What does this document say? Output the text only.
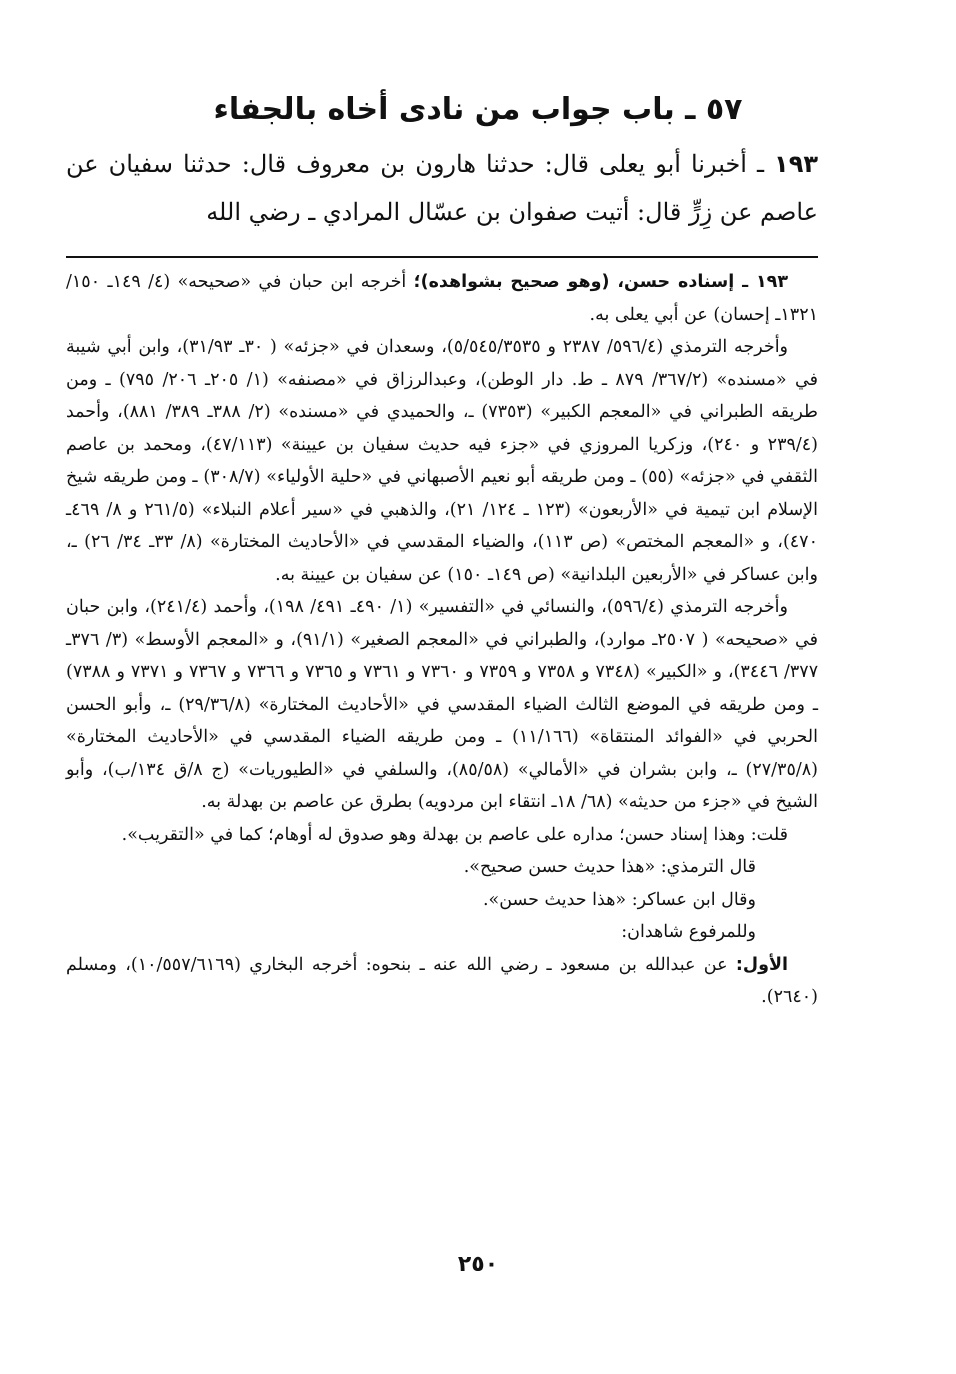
٥٧ ـ باب جواب من نادى أخاه بالجفاء
١٩٣ ـ أخبرنا أبو يعلى قال: حدثنا هارون بن معروف قال: حدثنا سفيان عن عاصم عن زِرٍّ قال: أتيت صفوان بن عسّال المرادي ـ رضي الله

١٩٣ ـ إسناده حسن، (وهو صحيح بشواهده)؛ أخرجه ابن حبان في «صحيحه» (٤/ ١٤٩ـ ١٥٠/ ١٣٢١ـ إحسان) عن أبي يعلى به.

وأخرجه الترمذي (٥٩٦/٤/ ٢٣٨٧ و ٥/٥٤٥/٣٥٣٥)، وسعدان في «جزئه» ( ٣٠ـ ٣١/٩٣)، وابن أبي شيبة في «مسنده» (٣٦٧/٢/ ٨٧٩ ـ ط. دار الوطن)، وعبدالرزاق في «مصنفه» (١/ ٢٠٥ـ ٢٠٦/ ٧٩٥) ـ ومن طريقه الطبراني في «المعجم الكبير» (٧٣٥٣) ـ، والحميدي في «مسنده» (٢/ ٣٨٨ـ ٣٨٩/ ٨٨١)، وأحمد (٢٣٩/٤ و ٢٤٠)، وزكريا المروزي في «جزء فيه حديث سفيان بن عيينة» (٤٧/١١٣)، ومحمد بن عاصم الثقفي في «جزئه» (٥٥) ـ ومن طريقه أبو نعيم الأصبهاني في «حلية الأولياء» (٣٠٨/٧) ـ ومن طريقه شيخ الإسلام ابن تيمية في «الأربعون» (١٢٣ ـ ١٢٤/ ٢١)، والذهبي في «سير أعلام النبلاء» (٢٦١/٥ و ٨/ ٤٦٩ـ ٤٧٠)، و «المعجم المختص» (ص ١١٣)، والضياء المقدسي في «الأحاديث المختارة» (٨/ ٣٣ـ ٣٤/ ٢٦) ـ، وابن عساكر في «الأربعين البلدانية» (ص ١٤٩ـ ١٥٠) عن سفيان بن عيينة به.

وأخرجه الترمذي (٥٩٦/٤)، والنسائي في «التفسير» (١/ ٤٩٠ـ ٤٩١/ ١٩٨)، وأحمد (٢٤١/٤)، وابن حبان في «صحيحه» ( ٢٥٠٧ـ موارد)، والطبراني في «المعجم الصغير» (٩١/١)، و «المعجم الأوسط» (٣/ ٣٧٦ـ ٣٧٧/ ٣٤٤٦)، و «الكبير» (٧٣٤٨ و ٧٣٥٨ و ٧٣٥٩ و ٧٣٦٠ و ٧٣٦١ و ٧٣٦٥ و ٧٣٦٦ و ٧٣٦٧ و ٧٣٧١ و ٧٣٨٨) ـ ومن طريقه في الموضع الثالث الضياء المقدسي في «الأحاديث المختارة» (٢٩/٣٦/٨) ـ، وأبو الحسن الحربي في «الفوائد المنتقاة» (١١/١٦٦) ـ ومن طريقه الضياء المقدسي في «الأحاديث المختارة» (٢٧/٣٥/٨) ـ، وابن بشران في «الأمالي» (٨٥/٥٨)، والسلفي في «الطيوريات» (ج ٨/ق ١٣٤/ب)، وأبو الشيخ في «جزء من حديثه» (٦٨/ ١٨ـ انتقاء ابن مردويه) بطرق عن عاصم بن بهدلة به.

قلت: وهذا إسناد حسن؛ مداره على عاصم بن بهدلة وهو صدوق له أوهام؛ كما في «التقريب».

قال الترمذي: «هذا حديث حسن صحيح».

وقال ابن عساكر: «هذا حديث حسن».

وللمرفوع شاهدان:

الأول: عن عبدالله بن مسعود ـ رضي الله عنه ـ بنحوه: أخرجه البخاري (١٠/٥٥٧/٦١٦٩)، ومسلم (٢٦٤٠).

٢٥٠
